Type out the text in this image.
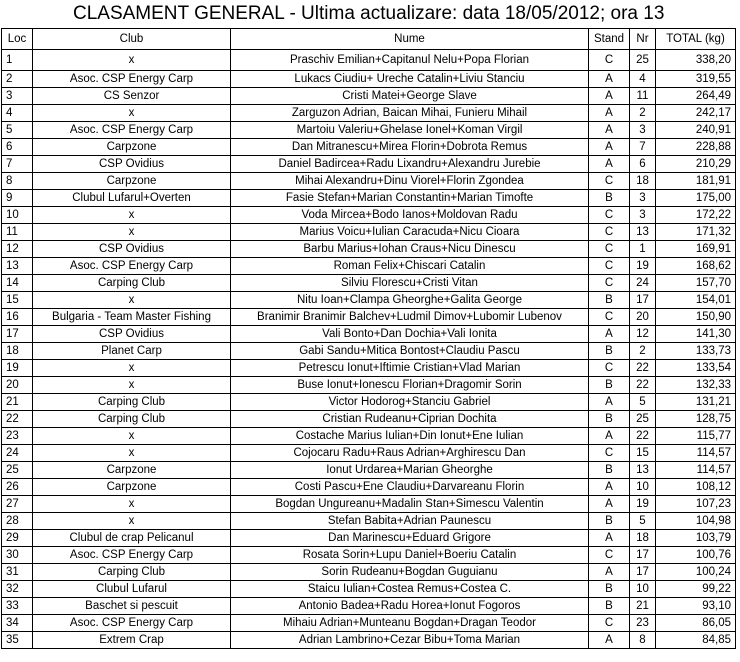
CLASAMENT GENERAL - Ultima actualizare: data 18/05/2012; ora 13
Loc	Club	Nume	Stand	Nr	TOTAL (kg)
1	x	Praschiv Emilian+Capitanul Nelu+Popa Florian	C	25	338,20
2	Asoc. CSP Energy Carp	Lukacs Ciudiu+ Ureche Catalin+Liviu Stanciu	A	4	319,55
3	CS Senzor	Cristi Matei+George Slave	A	11	264,49
4	x	Zarguzon Adrian, Baican Mihai, Funieru Mihail	A	2	242,17
5	Asoc. CSP Energy Carp	Martoiu Valeriu+Ghelase Ionel+Koman Virgil	A	3	240,91
6	Carpzone	Dan Mitranescu+Mirea Florin+Dobrota Remus	A	7	228,88
7	CSP Ovidius	Daniel Badircea+Radu Lixandru+Alexandru Jurebie	A	6	210,29
8	Carpzone	Mihai Alexandru+Dinu Viorel+Florin Zgondea	C	18	181,91
9	Clubul Lufarul+Overten	Fasie Stefan+Marian Constantin+Marian Timofte	B	3	175,00
10	x	Voda Mircea+Bodo Ianos+Moldovan Radu	C	3	172,22
11	x	Marius Voicu+Iulian Caracuda+Nicu Cioara	C	13	171,32
12	CSP Ovidius	Barbu Marius+Iohan Craus+Nicu Dinescu	C	1	169,91
13	Asoc. CSP Energy Carp	Roman Felix+Chiscari Catalin	C	19	168,62
14	Carping Club	Silviu Florescu+Cristi Vitan	C	24	157,70
15	x	Nitu Ioan+Clampa Gheorghe+Galita George	B	17	154,01
16	Bulgaria - Team Master Fishing	Branimir Branimir Balchev+Ludmil Dimov+Lubomir Lubenov	C	20	150,90
17	CSP Ovidius	Vali Bonto+Dan Dochia+Vali Ionita	A	12	141,30
18	Planet Carp	Gabi Sandu+Mitica Bontost+Claudiu Pascu	B	2	133,73
19	x	Petrescu Ionut+Iftimie Cristian+Vlad Marian	C	22	133,54
20	x	Buse Ionut+Ionescu Florian+Dragomir Sorin	B	22	132,33
21	Carping Club	Victor Hodorog+Stanciu Gabriel	A	5	131,21
22	Carping Club	Cristian Rudeanu+Ciprian Dochita	B	25	128,75
23	x	Costache Marius Iulian+Din Ionut+Ene Iulian	A	22	115,77
24	x	Cojocaru Radu+Raus Adrian+Arghirescu Dan	C	15	114,57
25	Carpzone	Ionut Urdarea+Marian Gheorghe	B	13	114,57
26	Carpzone	Costi Pascu+Ene Claudiu+Darvareanu Florin	A	10	108,12
27	x	Bogdan Ungureanu+Madalin Stan+Simescu Valentin	A	19	107,23
28	x	Stefan Babita+Adrian Paunescu	B	5	104,98
29	Clubul de crap Pelicanul	Dan Marinescu+Eduard Grigore	A	18	103,79
30	Asoc. CSP Energy Carp	Rosata Sorin+Lupu Daniel+Boeriu Catalin	C	17	100,76
31	Carping Club	Sorin Rudeanu+Bogdan Guguianu	A	17	100,24
32	Clubul Lufarul	Staicu Iulian+Costea Remus+Costea C.	B	10	99,22
33	Baschet si pescuit	Antonio Badea+Radu Horea+Ionut Fogoros	B	21	93,10
34	Asoc. CSP Energy Carp	Mihaiu Adrian+Munteanu Bogdan+Dragan Teodor	C	23	86,05
35	Extrem Crap	Adrian Lambrino+Cezar Bibu+Toma Marian	A	8	84,85
